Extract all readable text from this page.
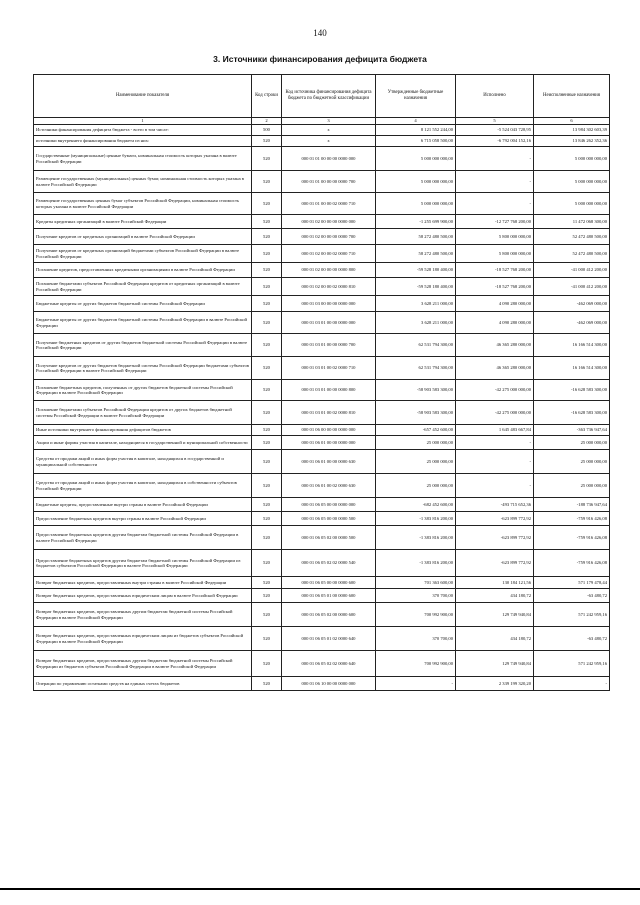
140
3. Источники финансирования дефицита бюджета
Наименование показателя	Код строки	Код источника финансирования дефицита бюджета по бюджетной классификации	Утвержденные бюджетные назначения	Исполнено	Неисполненные назначения
1	2	3	4	5	6
Источники финансирования дефицита бюджета - всего в том числе:	500	x	8 121 552 244,00	-5 524 043 728,95	13 984 302 603,39
источники внутреннего финансирования бюджета из них:	520	x	6 715 058 500,00	-6 792 004 152,16	13 846 262 352,36
Государственные (муниципальные) ценные бумаги, номинальная стоимость которых указана в валюте Российской Федерации	520	000 01 01 00 00 00 0000 000	5 000 000 000,00	-	5 000 000 000,00
Размещение государственных (муниципальных) ценных бумаг, номинальная стоимость которых указана в валюте Российской Федерации	520	000 01 01 00 00 00 0000 700	5 000 000 000,00	-	5 000 000 000,00
Размещение государственных ценных бумаг субъектов Российской Федерации, номинальная стоимость которых указана в валюте Российской Федерации	520	000 01 01 00 00 02 0000 710	5 000 000 000,00	-	5 000 000 000,00
Кредиты кредитных организаций в валюте Российской Федерации	520	000 01 02 00 00 00 0000 000	-1 255 699 900,00	-12 727 768 200,00	11 472 068 300,00
Получение кредитов от кредитных организаций в валюте Российской Федерации	520	000 01 02 00 00 00 0000 700	58 272 480 500,00	5 800 000 000,00	52 472 480 500,00
Получение кредитов от кредитных организаций бюджетами субъектов Российской Федерации в валюте Российской Федерации	520	000 01 02 00 00 02 0000 710	58 272 480 500,00	5 800 000 000,00	52 472 480 500,00
Погашение кредитов, предоставленных кредитными организациями в валюте Российской Федерации	520	000 01 02 00 00 00 0000 800	-59 528 180 400,00	-18 527 768 200,00	-41 000 412 200,00
Погашение бюджетами субъектов Российской Федерации кредитов от кредитных организаций в валюте Российской Федерации	520	000 01 02 00 00 02 0000 810	-59 528 180 400,00	-18 527 768 200,00	-41 000 412 200,00
Бюджетные кредиты от других бюджетов бюджетной системы Российской Федерации	520	000 01 03 00 00 00 0000 000	3 628 211 000,00	4 090 280 000,00	-462 069 000,00
Бюджетные кредиты от других бюджетов бюджетной системы Российской Федерации в валюте Российской Федерации	520	000 01 03 01 00 00 0000 000	3 628 211 000,00	4 090 280 000,00	-462 069 000,00
Получение бюджетных кредитов от других бюджетов бюджетной системы Российской Федерации в валюте Российской Федерации	520	000 01 03 01 00 00 0000 700	62 531 794 300,00	46 365 280 000,00	16 166 514 300,00
Получение кредитов от других бюджетов бюджетной системы Российской Федерации бюджетами субъектов Российской Федерации в валюте Российской Федерации	520	000 01 03 01 00 02 0000 710	62 531 794 300,00	46 365 280 000,00	16 166 514 300,00
Погашение бюджетных кредитов, полученных от других бюджетов бюджетной системы Российской Федерации в валюте Российской Федерации	520	000 01 03 01 00 00 0000 800	-58 903 583 300,00	-42 275 000 000,00	-16 628 583 300,00
Погашение бюджетами субъектов Российской Федерации кредитов от других бюджетов бюджетной системы Российской Федерации в валюте Российской Федерации	520	000 01 03 01 00 02 0000 810	-58 903 583 300,00	-42 275 000 000,00	-16 628 583 300,00
Иные источники внутреннего финансирования дефицитов бюджетов	520	000 01 06 00 00 00 0000 000	-657 452 600,00	1 645 483 667,84	-363 736 947,64
Акции и иные формы участия в капитале, находящиеся в государственной и муниципальной собственности	520	000 01 06 01 00 00 0000 000	25 000 000,00	-	25 000 000,00
Средства от продажи акций и иных форм участия в капитале, находящихся в государственной и муниципальной собственности	520	000 01 06 01 00 00 0000 630	25 000 000,00	-	25 000 000,00
Средства от продажи акций и иных форм участия в капитале, находящихся в собственности субъектов Российской Федерации	520	000 01 06 01 00 02 0000 630	25 000 000,00	-	25 000 000,00
Бюджетные кредиты, предоставленные внутри страны в валюте Российской Федерации	520	000 01 06 05 00 00 0000 000	-682 452 600,00	-493 715 652,36	-188 736 947,64
Предоставление бюджетных кредитов внутри страны в валюте Российской Федерации	520	000 01 06 05 00 00 0000 500	-1 383 816 200,00	-623 899 772,92	-759 916 426,08
Предоставление бюджетных кредитов другим бюджетам бюджетной системы Российской Федерации в валюте Российской Федерации	520	000 01 06 05 02 00 0000 500	-1 383 816 200,00	-623 899 772,92	-759 916 426,08
Предоставление бюджетных кредитов другим бюджетам бюджетной системы Российской Федерации из бюджетов субъектов Российской Федерации в валюте Российской Федерации	520	000 01 06 05 02 02 0000 540	-1 383 816 200,00	-623 899 772,92	-759 916 426,08
Возврат бюджетных кредитов, предоставленных внутри страны в валюте Российской Федерации	520	000 01 06 05 00 00 0000 600	701 363 600,00	130 184 121,56	571 179 478,44
Возврат бюджетных кредитов, предоставленных юридическим лицам в валюте Российской Федерации	520	000 01 06 05 01 00 0000 600	370 700,00	434 180,72	-63 480,72
Возврат бюджетных кредитов, предоставленных другим бюджетам бюджетной системы Российской Федерации в валюте Российской Федерации	520	000 01 06 05 02 00 0000 600	700 992 900,00	129 749 940,84	571 242 959,16
Возврат бюджетных кредитов, предоставленных юридическим лицам из бюджетов субъектов Российской Федерации в валюте Российской Федерации	520	000 01 06 05 01 02 0000 640	370 700,00	434 180,72	-63 480,72
Возврат бюджетных кредитов, предоставленных другим бюджетам бюджетной системы Российской Федерации из бюджетов субъектов Российской Федерации в валюте Российской Федерации	520	000 01 06 05 02 02 0000 640	700 992 900,00	129 749 940,84	571 242 959,16
Операции по управлению остатками средств на единых счетах бюджетов	520	000 01 06 10 00 00 0000 000	-	2 339 199 320,20	-
